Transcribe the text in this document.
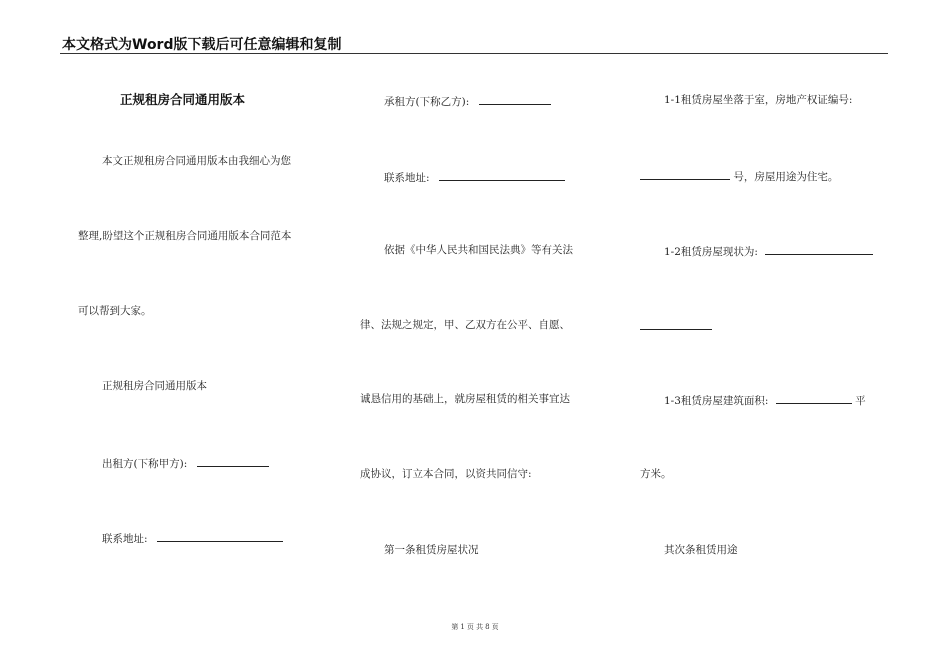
本文格式为Word版下载后可任意编辑和复制
正规租房合同通用版本
本文正规租房合同通用版本由我细心为您
整理,盼望这个正规租房合同通用版本合同范本
可以帮到大家。
正规租房合同通用版本
出租方(下称甲方):
联系地址:
承租方(下称乙方):
联系地址:
依据《中华人民共和国民法典》等有关法
律、法规之规定，甲、乙双方在公平、自愿、
诚恳信用的基础上，就房屋租赁的相关事宜达
成协议，订立本合同，以资共同信守:
第一条租赁房屋状况
1-1租赁房屋坐落于室，房地产权证编号:
号，房屋用途为住宅。
1-2租赁房屋现状为:
1-3租赁房屋建筑面积:	平
方米。
其次条租赁用途
第 1 页 共 8 页
